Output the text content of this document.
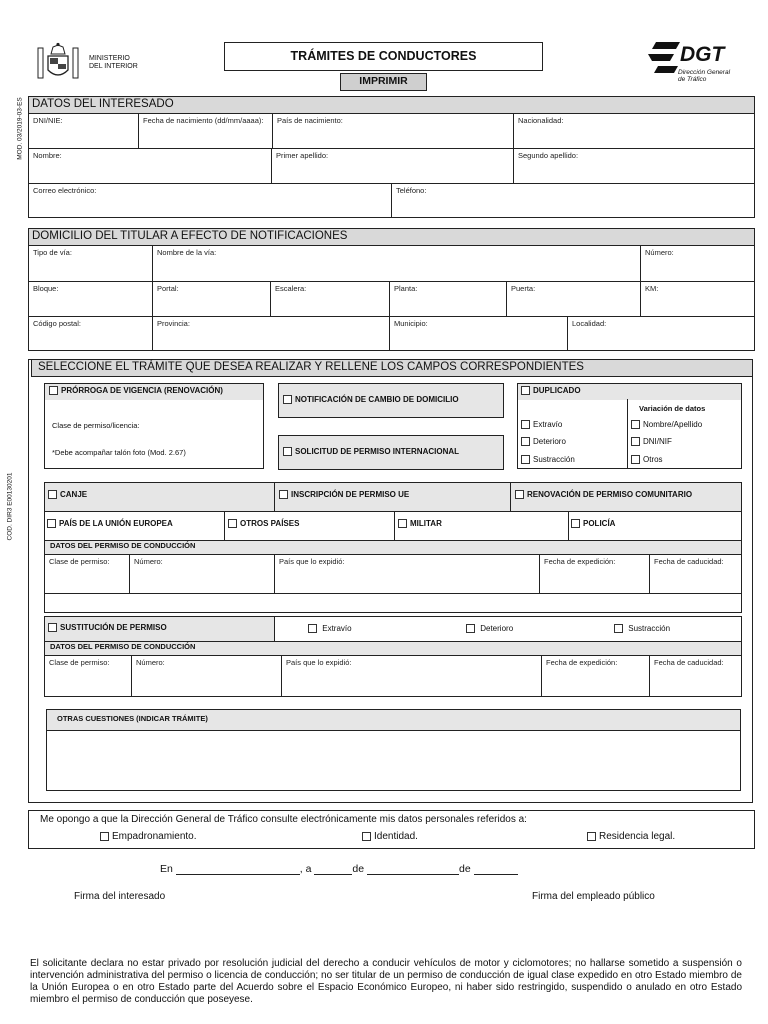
MINISTERIO
DEL INTERIOR
TRÁMITES DE CONDUCTORES
IMPRIMIR
DGT
Dirección General
de Tráfico
MOD. 03/2019-03-ES
COD. DIR3 E00130201
DATOS DEL INTERESADO
DNI/NIE:	Fecha de nacimiento (dd/mm/aaaa):	País de nacimiento:	Nacionalidad:
Nombre:	Primer apellido:	Segundo apellido:
Correo electrónico:	Teléfono:
DOMICILIO DEL TITULAR A EFECTO DE NOTIFICACIONES
Tipo de vía:	Nombre de la vía:	Número:
Bloque:	Portal:	Escalera:	Planta:	Puerta:	KM:
Código postal:	Provincia:	Municipio:	Localidad:
SELECCIONE EL TRÁMITE QUE DESEA REALIZAR Y RELLENE LOS CAMPOS CORRESPONDIENTES
PRÓRROGA DE VIGENCIA (RENOVACIÓN)
Clase de permiso/licencia:
*Debe acompañar talón foto (Mod. 2.67)
NOTIFICACIÓN DE CAMBIO DE DOMICILIO
SOLICITUD DE PERMISO INTERNACIONAL
DUPLICADO
Extravío
Deterioro
Sustracción
Variación de datos
Nombre/Apellido
DNI/NIF
Otros
CANJE	INSCRIPCIÓN DE PERMISO UE	RENOVACIÓN DE PERMISO COMUNITARIO
PAÍS DE LA UNIÓN EUROPEA	OTROS PAÍSES	MILITAR	POLICÍA
DATOS DEL PERMISO DE CONDUCCIÓN
Clase de permiso:	Número:	País que lo expidió:	Fecha de expedición:	Fecha de caducidad:
SUSTITUCIÓN DE PERMISO	Extravío	Deterioro	Sustracción
DATOS DEL PERMISO DE CONDUCCIÓN
Clase de permiso:	Número:	País que lo expidió:	Fecha de expedición:	Fecha de caducidad:
OTRAS CUESTIONES (INDICAR TRÁMITE)
Me opongo a que la Dirección General de Tráfico consulte electrónicamente mis datos personales referidos a:
Empadronamiento.	Identidad.	Residencia legal.
En	, a	de	de
Firma del interesado	Firma del empleado público
El solicitante declara no estar privado por resolución judicial del derecho a conducir vehículos de motor y ciclomotores; no hallarse sometido a suspensión o intervención administrativa del permiso o licencia de conducción; no ser titular de un permiso de conducción de igual clase expedido en otro Estado miembro de la Unión Europea o en otro Estado parte del Acuerdo sobre el Espacio Económico Europeo, ni haber sido restringido, suspendido o anulado en otro Estado miembro el permiso de conducción que poseyese.
